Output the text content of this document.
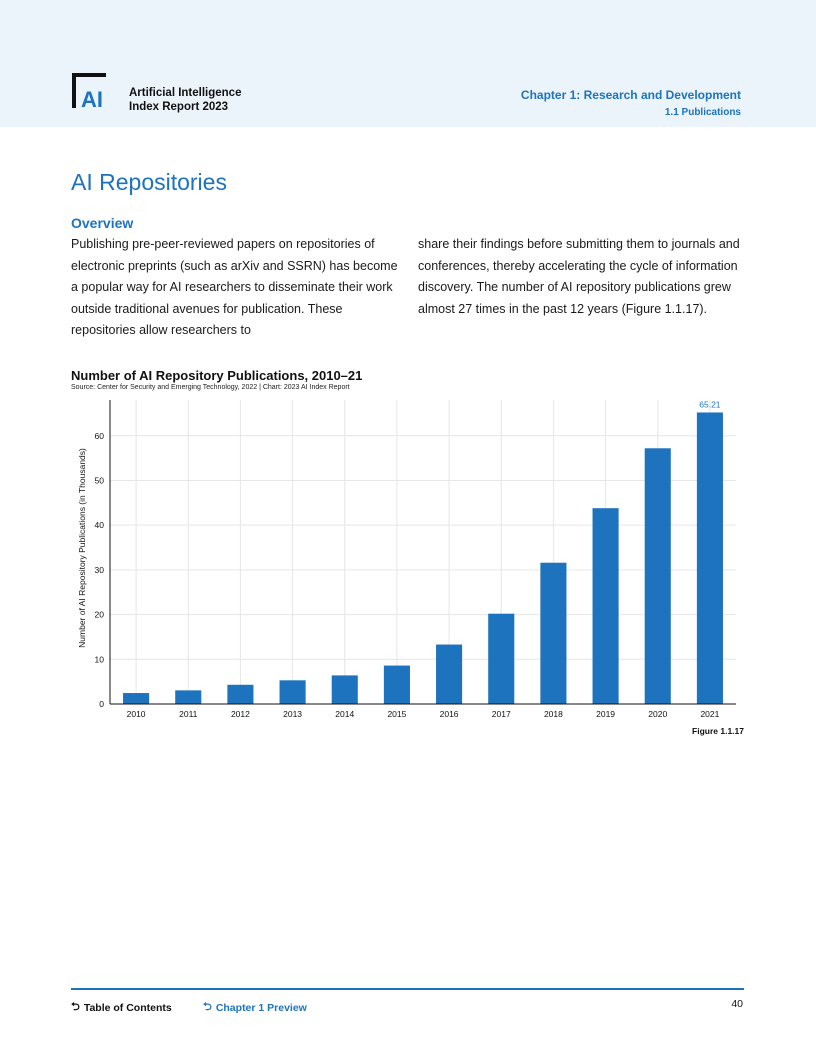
AI Artificial Intelligence
Index Report 2023
Chapter 1: Research and Development
1.1 Publications
AI Repositories
Overview
Publishing pre-peer-reviewed papers on repositories of electronic preprints (such as arXiv and SSRN) has become a popular way for AI researchers to disseminate their work outside traditional avenues for publication. These repositories allow researchers to
share their findings before submitting them to journals and conferences, thereby accelerating the cycle of information discovery. The number of AI repository publications grew almost 27 times in the past 12 years (Figure 1.1.17).
Number of AI Repository Publications, 2010–21
Source: Center for Security and Emerging Technology, 2022 | Chart: 2023 AI Index Report
65.21
0
10
20
30
40
50
60
2010	2011	2012	2013	2014	2015	2016	2017	2018	2019	2020	2021
Number of AI Repository Publications (in Thousands)
Figure 1.1.17
⮌ Table of Contents	⮌ Chapter 1 Preview	40
